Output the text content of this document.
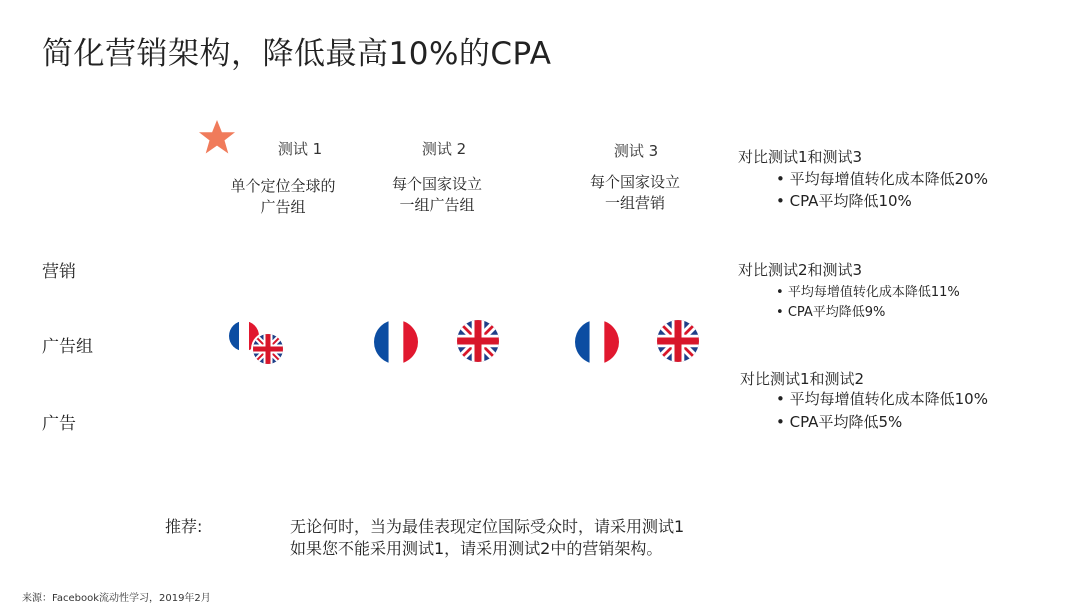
简化营销架构，降低最高10%的CPA
测试 1	测试 2	测试 3
单个定位全球的
广告组
每个国家设立
一组广告组
每个国家设立
一组营销
营销
广告组
广告
对比测试1和测试3
• 平均每增值转化成本降低20%
• CPA平均降低10%
对比测试2和测试3
• 平均每增值转化成本降低11%
• CPA平均降低9%
对比测试1和测试2
• 平均每增值转化成本降低10%
• CPA平均降低5%
推荐:	无论何时，当为最佳表现定位国际受众时，请采用测试1
如果您不能采用测试1，请采用测试2中的营销架构。
来源：Facebook流动性学习，2019年2月
